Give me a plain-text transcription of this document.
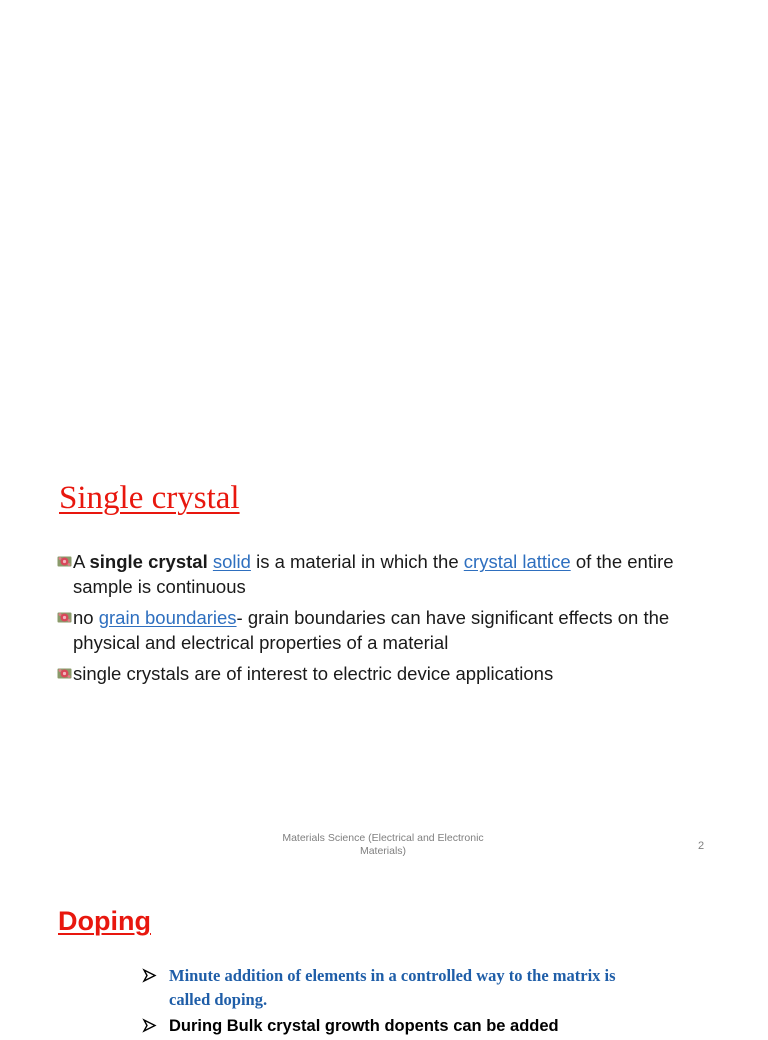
Single crystal
A single crystal solid is a material in which the crystal lattice of the entire sample is continuous
no grain boundaries- grain boundaries can have significant effects on the physical and electrical properties of a material
single crystals are of interest to electric device applications
Materials Science (Electrical and Electronic Materials)	2
Doping
Minute addition of elements in a controlled way to the matrix is called doping.
During Bulk crystal growth dopents can be added
